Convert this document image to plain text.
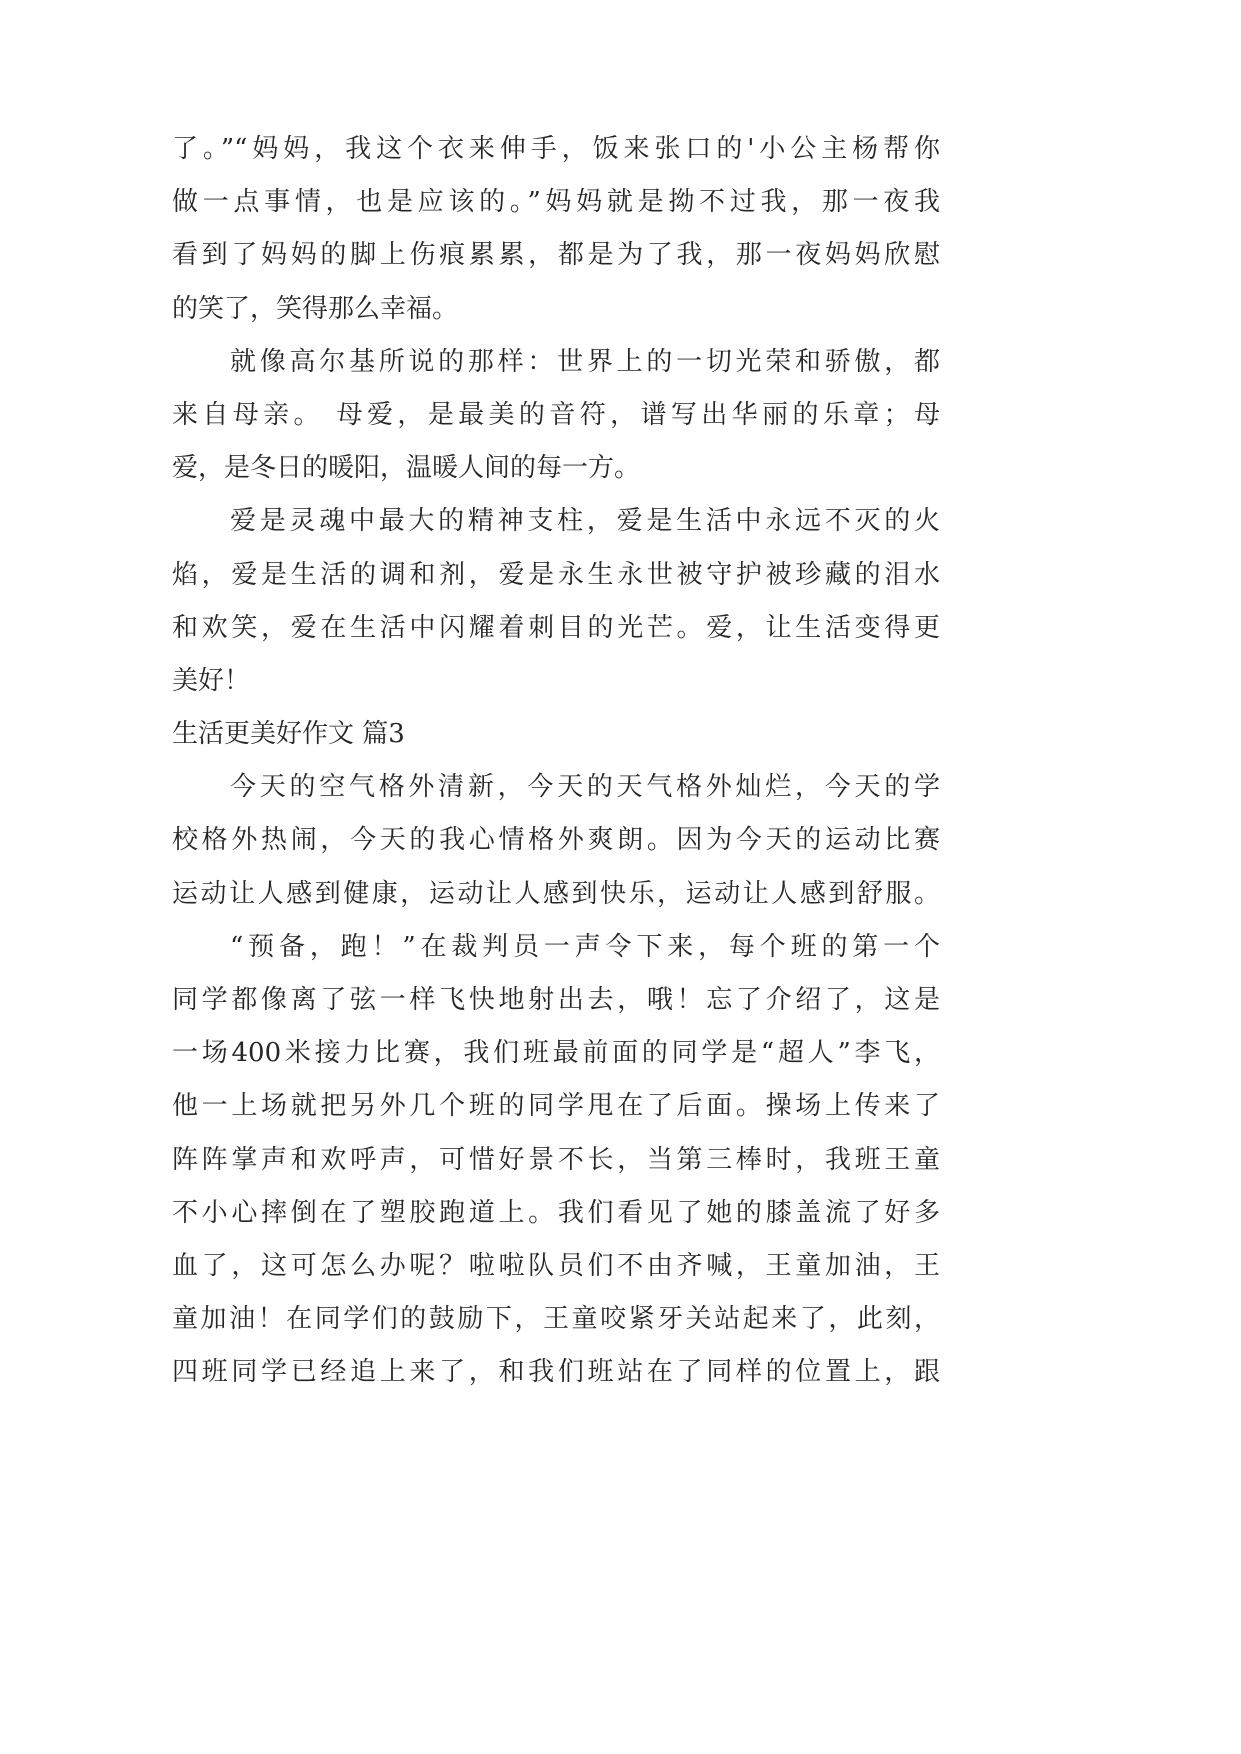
了。”“妈妈，我这个衣来伸手，饭来张口的'小公主杨帮你
做一点事情，也是应该的。”妈妈就是拗不过我，那一夜我
看到了妈妈的脚上伤痕累累，都是为了我，那一夜妈妈欣慰
的笑了，笑得那么幸福。
就像高尔基所说的那样：世界上的一切光荣和骄傲，都
来自母亲。 母爱，是最美的音符，谱写出华丽的乐章；母
爱，是冬日的暖阳，温暖人间的每一方。
爱是灵魂中最大的精神支柱，爱是生活中永远不灭的火
焰，爱是生活的调和剂，爱是永生永世被守护被珍藏的泪水
和欢笑，爱在生活中闪耀着刺目的光芒。爱，让生活变得更
美好！
生活更美好作文 篇3
今天的空气格外清新，今天的天气格外灿烂，今天的学
校格外热闹，今天的我心情格外爽朗。因为今天的运动比赛
运动让人感到健康，运动让人感到快乐，运动让人感到舒服。
“预备，跑！”在裁判员一声令下来，每个班的第一个
同学都像离了弦一样飞快地射出去，哦！忘了介绍了，这是
一场400米接力比赛，我们班最前面的同学是“超人”李飞，
他一上场就把另外几个班的同学甩在了后面。操场上传来了
阵阵掌声和欢呼声，可惜好景不长，当第三棒时，我班王童
不小心摔倒在了塑胶跑道上。我们看见了她的膝盖流了好多
血了，这可怎么办呢？啦啦队员们不由齐喊，王童加油，王
童加油！在同学们的鼓励下，王童咬紧牙关站起来了，此刻，
四班同学已经追上来了，和我们班站在了同样的位置上，跟
